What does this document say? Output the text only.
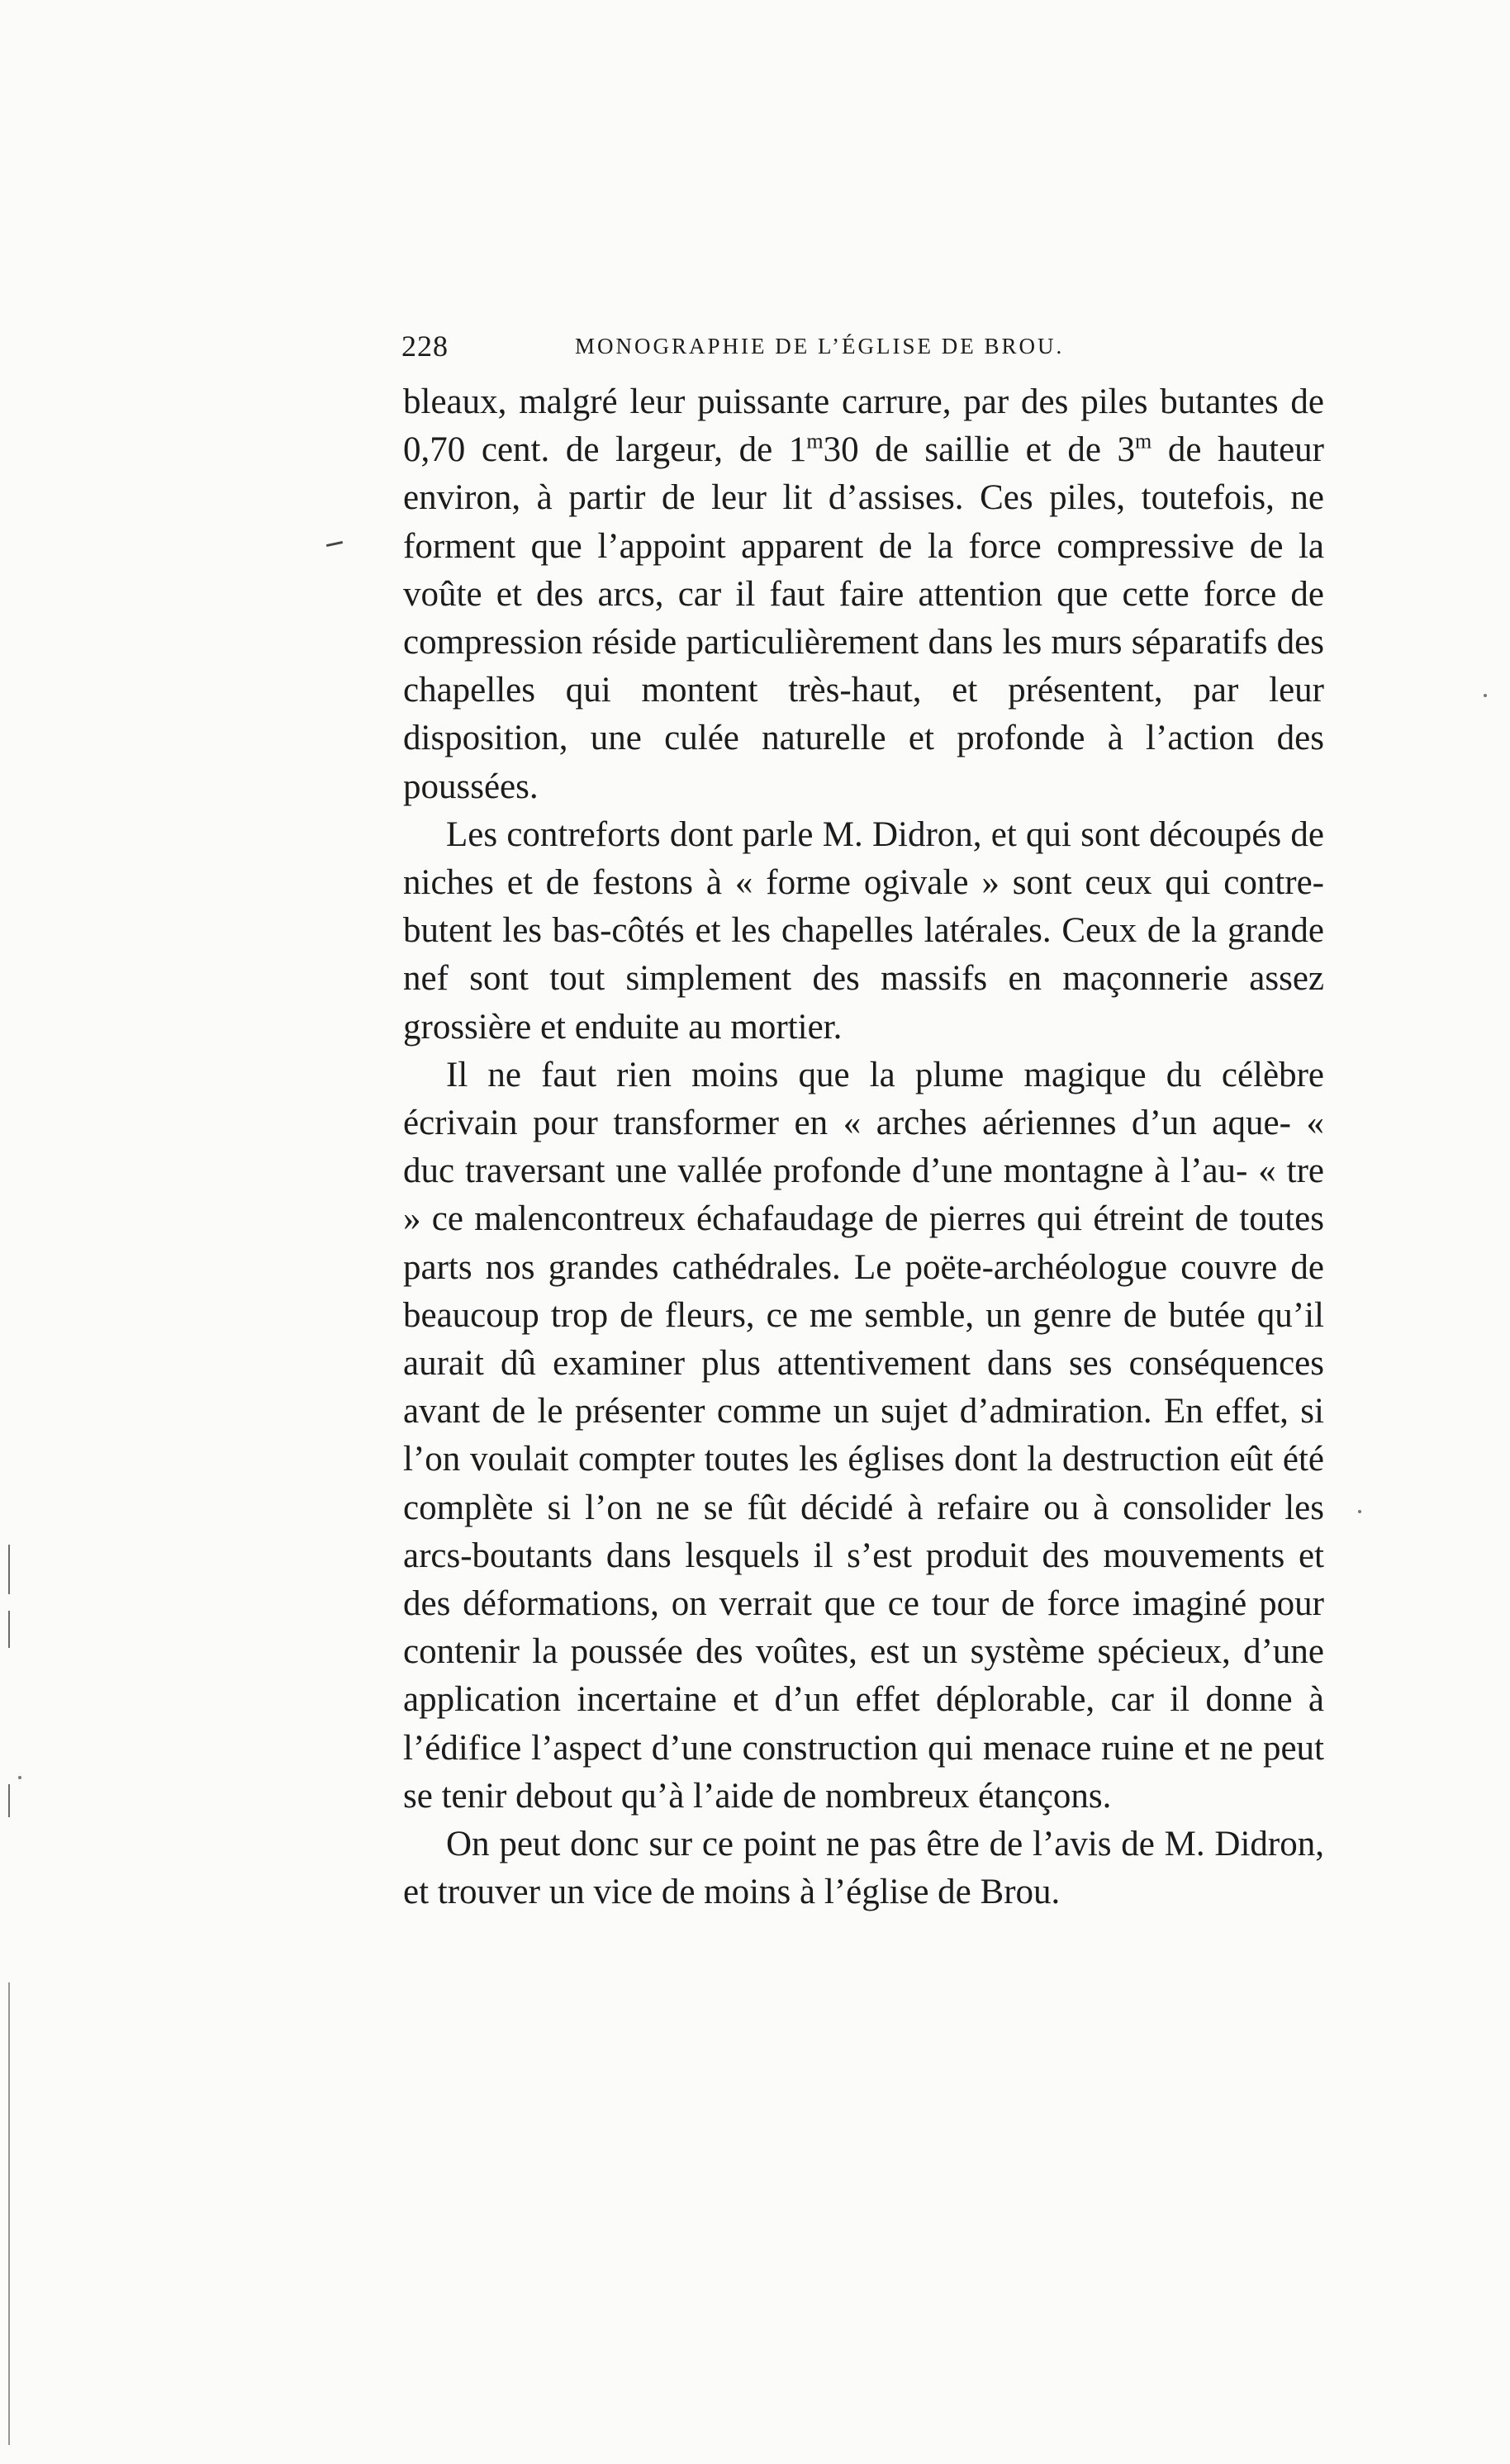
228	MONOGRAPHIE DE L’ÉGLISE DE BROU.

bleaux, malgré leur puissante carrure, par des piles butantes de 0,70 cent. de largeur, de 1$^m$30 de saillie et de 3$^m$ de hauteur environ, à partir de leur lit d’assises. Ces piles, toutefois, ne forment que l’appoint apparent de la force compressive de la voûte et des arcs, car il faut faire attention que cette force de compression réside particulièrement dans les murs séparatifs des chapelles qui montent très-haut, et présentent, par leur disposition, une culée naturelle et profonde à l’action des poussées.

Les contreforts dont parle M. Didron, et qui sont découpés de niches et de festons à « forme ogivale » sont ceux qui contre-butent les bas-côtés et les chapelles latérales. Ceux de la grande nef sont tout simplement des massifs en maçonnerie assez grossière et enduite au mortier.

Il ne faut rien moins que la plume magique du célèbre écrivain pour transformer en « arches aériennes d’un aque- « duc traversant une vallée profonde d’une montagne à l’au- « tre » ce malencontreux échafaudage de pierres qui étreint de toutes parts nos grandes cathédrales. Le poëte-archéologue couvre de beaucoup trop de fleurs, ce me semble, un genre de butée qu’il aurait dû examiner plus attentivement dans ses conséquences avant de le présenter comme un sujet d’admiration. En effet, si l’on voulait compter toutes les églises dont la destruction eût été complète si l’on ne se fût décidé à refaire ou à consolider les arcs-boutants dans lesquels il s’est produit des mouvements et des déformations, on verrait que ce tour de force imaginé pour contenir la poussée des voûtes, est un système spécieux, d’une application incertaine et d’un effet déplorable, car il donne à l’édifice l’aspect d’une construction qui menace ruine et ne peut se tenir debout qu’à l’aide de nombreux étançons.

On peut donc sur ce point ne pas être de l’avis de M. Didron, et trouver un vice de moins à l’église de Brou.
